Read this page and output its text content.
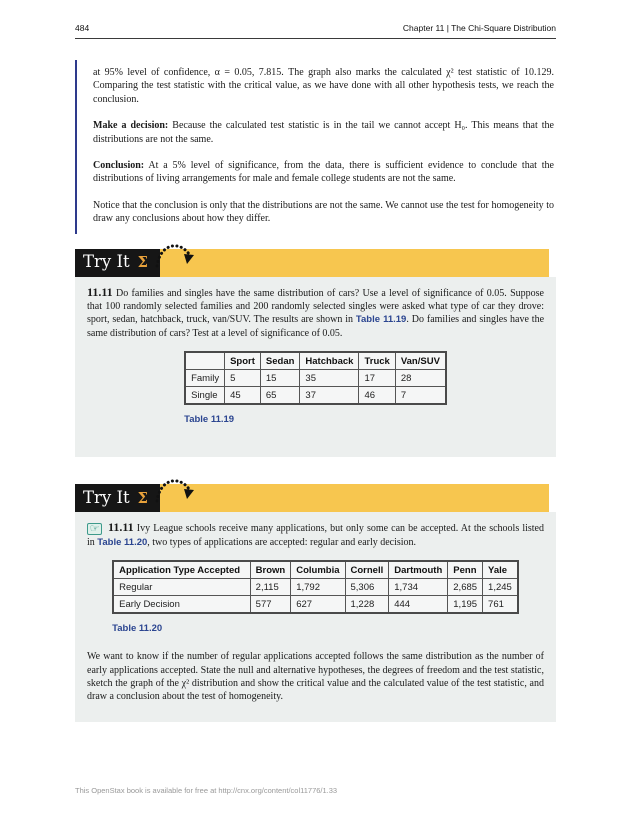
484	Chapter 11 | The Chi-Square Distribution

at 95% level of confidence, α = 0.05, 7.815. The graph also marks the calculated χ² test statistic of 10.129. Comparing the test statistic with the critical value, as we have done with all other hypothesis tests, we reach the conclusion.

Make a decision: Because the calculated test statistic is in the tail we cannot accept H₀. This means that the distributions are not the same.

Conclusion: At a 5% level of significance, from the data, there is sufficient evidence to conclude that the distributions of living arrangements for male and female college students are not the same.

Notice that the conclusion is only that the distributions are not the same. We cannot use the test for homogeneity to draw any conclusions about how they differ.

Try It Σ

11.11 Do families and singles have the same distribution of cars? Use a level of significance of 0.05. Suppose that 100 randomly selected families and 200 randomly selected singles were asked what type of car they drove: sport, sedan, hatchback, truck, van/SUV. The results are shown in Table 11.19. Do families and singles have the same distribution of cars? Test at a level of significance of 0.05.

	Sport	Sedan	Hatchback	Truck	Van/SUV
Family	5	15	35	17	28
Single	45	65	37	46	7
Table 11.19
Try It Σ

☞ 11.11 Ivy League schools receive many applications, but only some can be accepted. At the schools listed in Table 11.20, two types of applications are accepted: regular and early decision.

Application Type Accepted	Brown	Columbia	Cornell	Dartmouth	Penn	Yale
Regular	2,115	1,792	5,306	1,734	2,685	1,245
Early Decision	577	627	1,228	444	1,195	761
Table 11.20

We want to know if the number of regular applications accepted follows the same distribution as the number of early applications accepted. State the null and alternative hypotheses, the degrees of freedom and the test statistic, sketch the graph of the χ² distribution and show the critical value and the calculated value of the test statistic, and draw a conclusion about the test of homogeneity.

This OpenStax book is available for free at http://cnx.org/content/col11776/1.33
